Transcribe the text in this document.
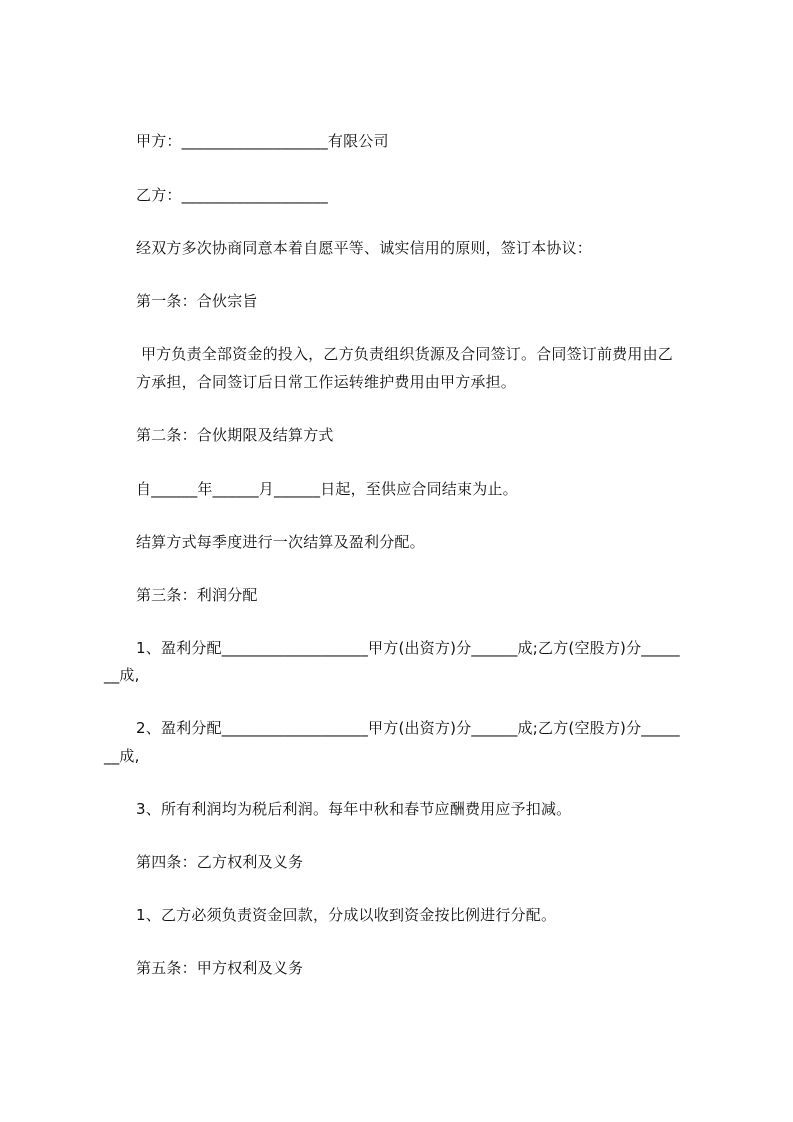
甲方：___________________有限公司
乙方：___________________
经双方多次协商同意本着自愿平等、诚实信用的原则，签订本协议：
第一条：合伙宗旨
甲方负责全部资金的投入，乙方负责组织货源及合同签订。合同签订前费用由乙
方承担，合同签订后日常工作运转维护费用由甲方承担。
第二条：合伙期限及结算方式
自______年______月______日起，至供应合同结束为止。
结算方式每季度进行一次结算及盈利分配。
第三条：利润分配
1、盈利分配___________________甲方(出资方)分______成;乙方(空股方)分_____
__成,
2、盈利分配___________________甲方(出资方)分______成;乙方(空股方)分_____
__成,
3、所有利润均为税后利润。每年中秋和春节应酬费用应予扣减。
第四条：乙方权利及义务
1、乙方必须负责资金回款，分成以收到资金按比例进行分配。
第五条：甲方权利及义务
